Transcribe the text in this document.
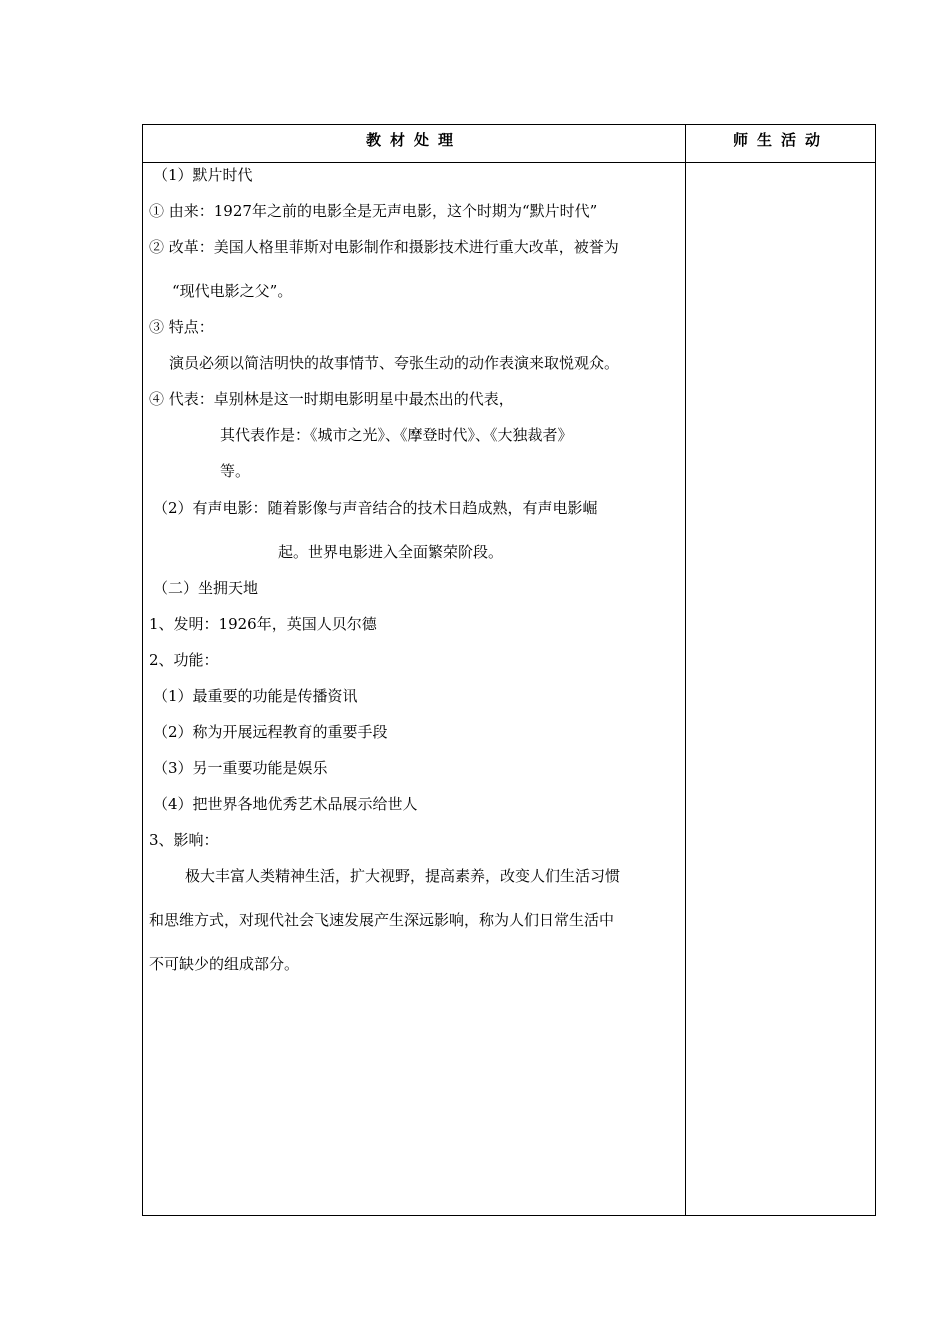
教材处理	师生活动
（1）默片时代
① 由来：1927年之前的电影全是无声电影，这个时期为“默片时代”
② 改革：美国人格里菲斯对电影制作和摄影技术进行重大改革，被誉为
“现代电影之父”。
③ 特点：
演员必须以简洁明快的故事情节、夸张生动的动作表演来取悦观众。
④ 代表：卓别林是这一时期电影明星中最杰出的代表，
其代表作是：《城市之光》、《摩登时代》、《大独裁者》
等。
（2）有声电影：随着影像与声音结合的技术日趋成熟，有声电影崛
起。世界电影进入全面繁荣阶段。
（二）坐拥天地
1、发明：1926年，英国人贝尔德
2、功能：
（1）最重要的功能是传播资讯
（2）称为开展远程教育的重要手段
（3）另一重要功能是娱乐
（4）把世界各地优秀艺术品展示给世人
3、影响：
极大丰富人类精神生活，扩大视野，提高素养，改变人们生活习惯
和思维方式，对现代社会飞速发展产生深远影响，称为人们日常生活中
不可缺少的组成部分。
